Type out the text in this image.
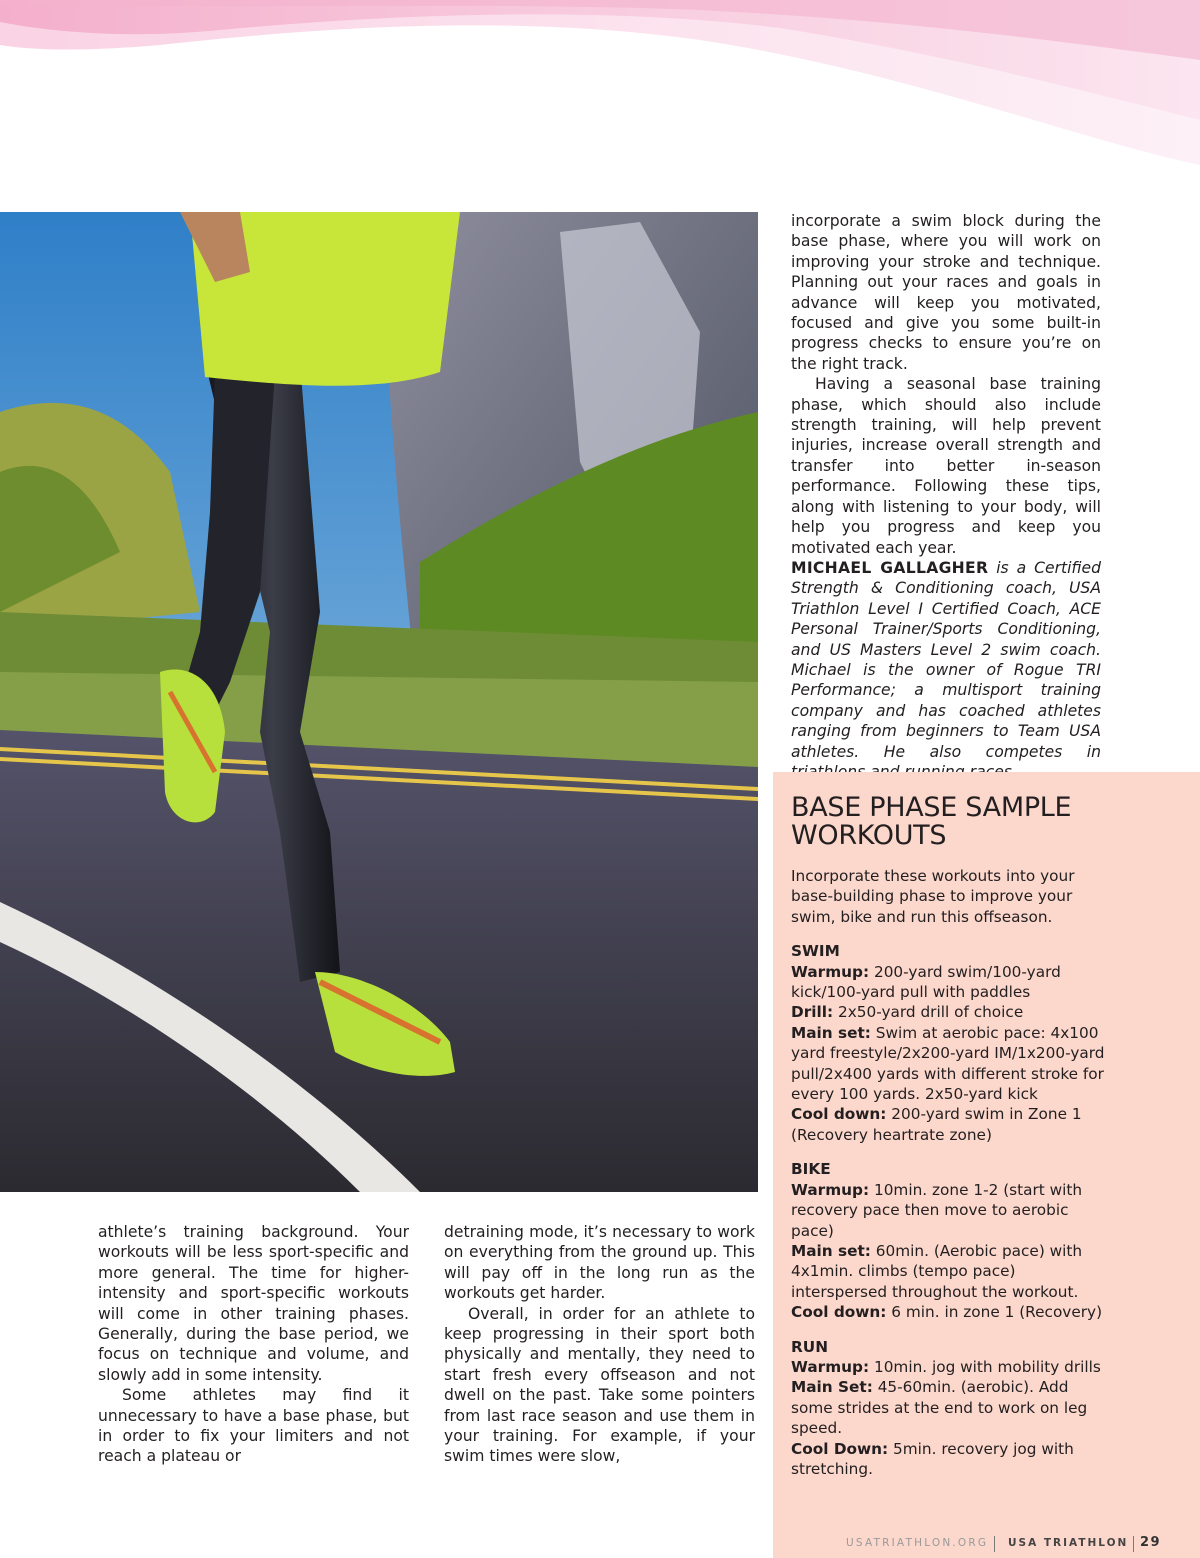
incorporate a swim block during the base phase, where you will work on improving your stroke and technique. Planning out your races and goals in advance will keep you motivated, focused and give you some built-in progress checks to ensure you’re on the right track.

Having a seasonal base training phase, which should also include strength training, will help prevent injuries, increase overall strength and transfer into better in-season performance. Following these tips, along with listening to your body, will help you progress and keep you motivated each year.

MICHAEL GALLAGHER is a Certified Strength & Conditioning coach, USA Triathlon Level I Certified Coach, ACE Personal Trainer/Sports Conditioning, and US Masters Level 2 swim coach. Michael is the owner of Rogue TRI Performance; a multisport training company and has coached athletes ranging from beginners to Team USA athletes. He also competes in

athlete’s training background. Your workouts will be less sport-specific and more general. The time for higher-intensity and sport-specific workouts will come in other training phases. Generally, during the base period, we focus on technique and volume, and slowly add in some intensity.

Some athletes may find it unnecessary to have a base phase, but in order to fix your limiters and not reach a plateau or

detraining mode, it’s necessary to work on everything from the ground up. This will pay off in the long run as the workouts get harder.

Overall, in order for an athlete to keep progressing in their sport both physically and mentally, they need to start fresh every offseason and not dwell on the past. Take some pointers from last race season and use them in your training. For example, if your swim times were slow,

BASE PHASE SAMPLE
WORKOUTS

Incorporate these workouts into your base-building phase to improve your swim, bike and run this offseason.

SWIM
Warmup: 200-yard swim/100-yard kick/100-yard pull with paddles
Drill: 2x50-yard drill of choice
Main set: Swim at aerobic pace: 4x100 yard freestyle/2x200-yard IM/1x200-yard pull/2x400 yards with different stroke for every 100 yards. 2x50-yard kick
Cool down: 200-yard swim in Zone 1 (Recovery heartrate zone)
BIKE
Warmup: 10min. zone 1-2 (start with recovery pace then move to aerobic pace)
Main set: 60min. (Aerobic pace) with 4x1min. climbs (tempo pace) interspersed throughout the workout.
Cool down: 6 min. in zone 1 (Recovery)
RUN
Warmup: 10min. jog with mobility drills
Main Set: 45-60min. (aerobic). Add some strides at the end to work on leg speed.
Cool Down: 5min. recovery jog with stretching.
USATRIATHLON.ORG USA TRIATHLON 29
